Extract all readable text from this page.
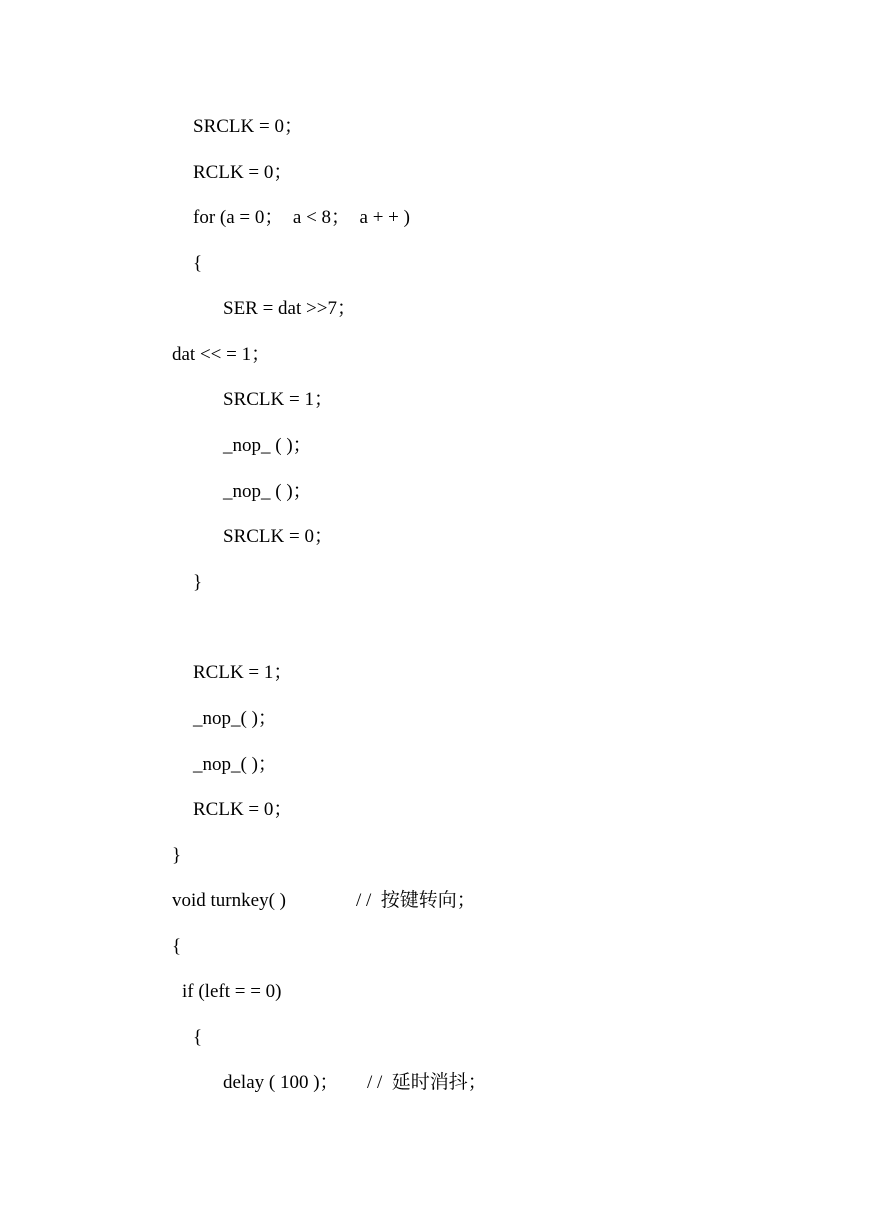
SRCLK = 0；
RCLK = 0；
for (a = 0；  a < 8；  a + + )
{
SER = dat >>7；
dat << = 1；
SRCLK = 1；
_nop_ ( )；
_nop_ ( )；
SRCLK = 0；
}
RCLK = 1；
_nop_( )；
_nop_( )；
RCLK = 0；
}
void turnkey( )	/ /  按键转向；
{
if (left = = 0)
{
delay ( 100 )； / /  延时消抖；
